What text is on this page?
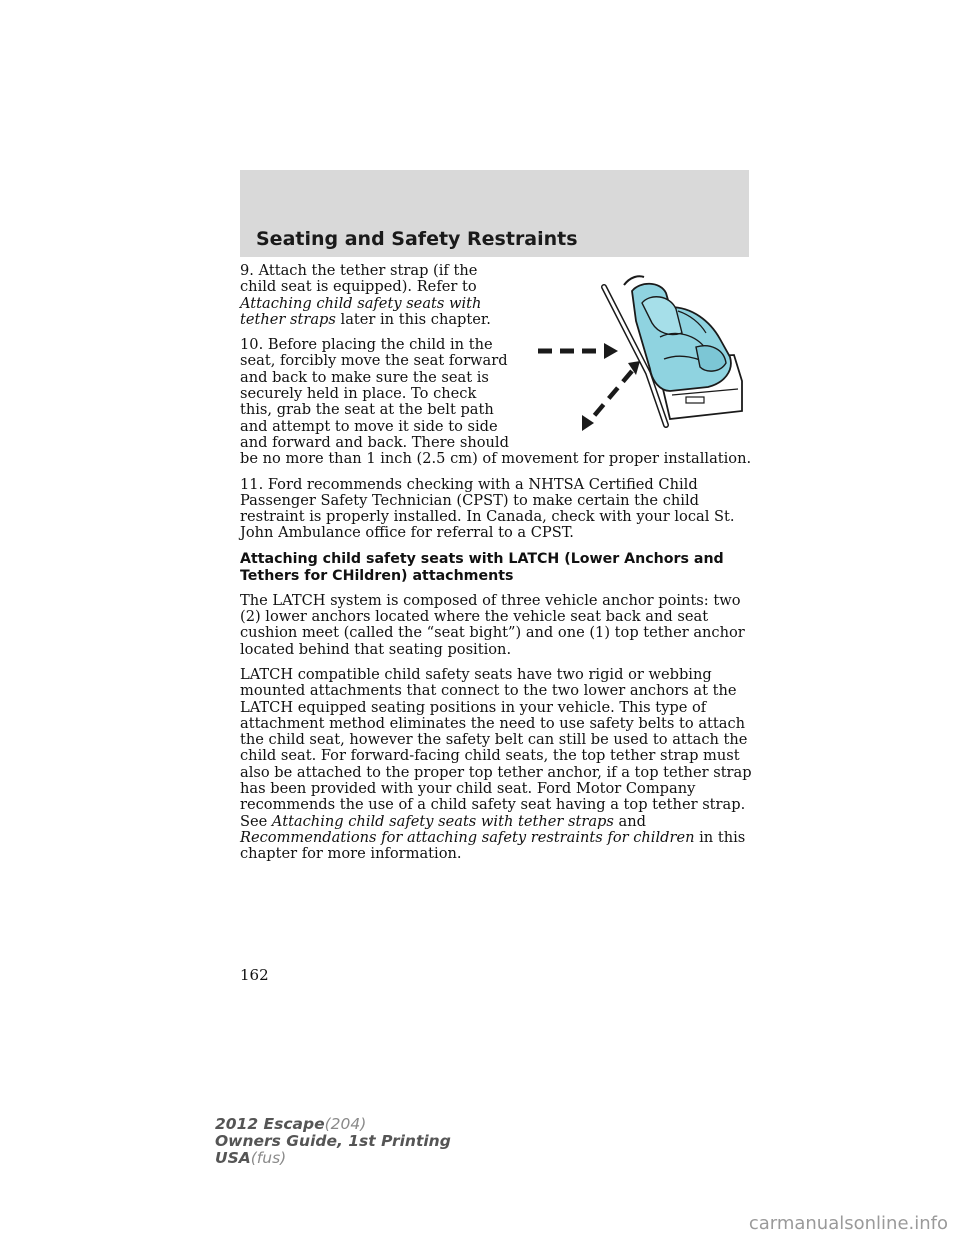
Seating and Safety Restraints

9. Attach the tether strap (if the child seat is equipped). Refer to Attaching child safety seats with tether straps later in this chapter.

10. Before placing the child in the seat, forcibly move the seat forward and back to make sure the seat is securely held in place. To check this, grab the seat at the belt path and attempt to move it side to side and forward and back. There should be no more than 1 inch (2.5 cm) of movement for proper installation.

11. Ford recommends checking with a NHTSA Certified Child Passenger Safety Technician (CPST) to make certain the child restraint is properly installed. In Canada, check with your local St. John Ambulance office for referral to a CPST.

Attaching child safety seats with LATCH (Lower Anchors and Tethers for CHildren) attachments

The LATCH system is composed of three vehicle anchor points: two (2) lower anchors located where the vehicle seat back and seat cushion meet (called the “seat bight”) and one (1) top tether anchor located behind that seating position.

LATCH compatible child safety seats have two rigid or webbing mounted attachments that connect to the two lower anchors at the LATCH equipped seating positions in your vehicle. This type of attachment method eliminates the need to use safety belts to attach the child seat, however the safety belt can still be used to attach the child seat. For forward-facing child seats, the top tether strap must also be attached to the proper top tether anchor, if a top tether strap has been provided with your child seat. Ford Motor Company recommends the use of a child safety seat having a top tether strap. See Attaching child safety seats with tether straps and Recommendations for attaching safety restraints for children in this chapter for more information.

162
2012 Escape(204)
Owners Guide, 1st Printing
USA(fus)
carmanualsonline.info
